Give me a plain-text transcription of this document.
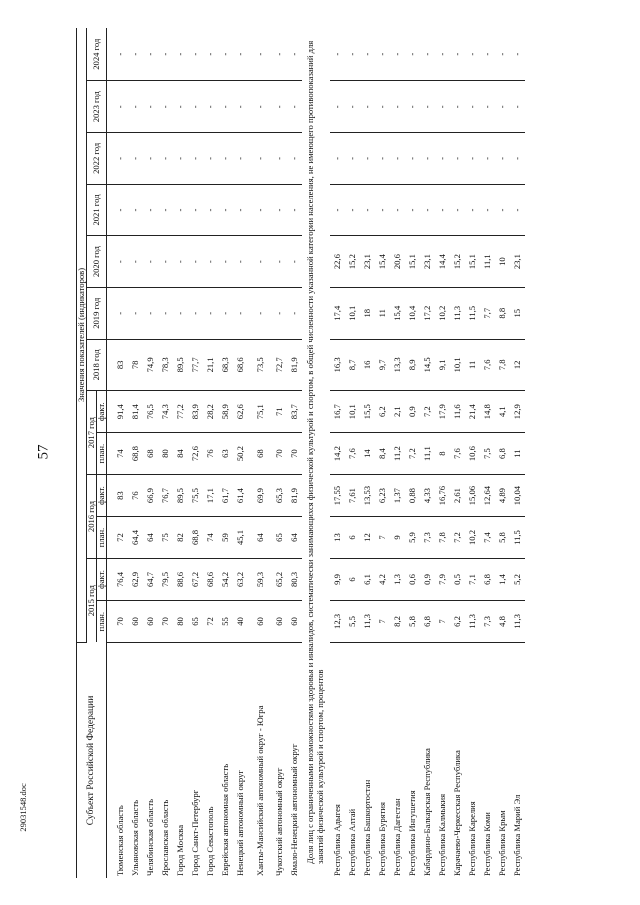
57
29031548.doc	Субъект Российской Федерации	Значения показателей (индикаторов)												
	2015 год		2016 год		2017 год		2018 год	2019 год	2020 год	2021 год	2022 год	2023 год	2024 год
	план.	факт.	план.	факт.	план.	факт.							
Тюменская область	70	76,4	72	83	74	91,4	83	-	-	-	-	-	-
Ульяновская область	60	62,9	64,4	76	68,8	81,4	78	-	-	-	-	-	-
Челябинская область	60	64,7	64	66,9	68	76,5	74,9	-	-	-	-	-	-
Ярославская область	70	79,5	75	76,7	80	74,3	78,3	-	-	-	-	-	-
Город Москва	80	88,6	82	89,5	84	77,2	89,5	-	-	-	-	-	-
Город Санкт-Петербург	65	67,2	68,8	75,5	72,6	83,9	77,7	-	-	-	-	-	-
Город Севастополь	72	68,6	74	17,1	76	28,2	21,1	-	-	-	-	-	-
Еврейская автономная область	55	54,2	59	61,7	63	58,9	68,3	-	-	-	-	-	-
Ненецкий автономный округ	40	63,2	45,1	61,4	50,2	62,6	68,6	-	-	-	-	-	-
Ханты-Мансийский автономный округ - Югра	60	59,3	64	69,9	68	75,1	73,5	-	-	-	-	-	-
Чукотский автономный округ	60	65,2	65	65,3	70	71	72,7	-	-	-	-	-	-
Ямало-Ненецкий автономный округ	60	80,3	64	81,9	70	83,7	81,9	-	-	-	-	-	-
Доля лиц с ограниченными возможностями здоровья и инвалидов, систематически занимающихся физической культурой и спортом, в общей численности указанной категории населения, не имеющего противопоказаний для занятий физической культурой и спортом, процентов													
Республика Адыгея	12,3	9,9	13	17,55	14,2	16,7	16,3	17,4	22,6	-	-	-	-
Республика Алтай	5,5	6	6	7,61	7,6	10,1	8,7	10,1	15,2	-	-	-	-
Республика Башкортостан	11,3	6,1	12	13,53	14	15,5	16	18	23,1	-	-	-	-
Республика Бурятия	7	4,2	7	6,23	8,4	6,2	9,7	11	15,4	-	-	-	-
Республика Дагестан	8,2	1,3	9	1,37	11,2	2,1	13,3	15,4	20,6	-	-	-	-
Республика Ингушетия	5,8	0,6	5,9	0,88	7,2	0,9	8,9	10,4	15,1	-	-	-	-
Кабардино-Балкарская Республика	6,8	0,9	7,3	4,33	11,1	7,2	14,5	17,2	23,1	-	-	-	-
Республика Калмыкия	7	7,9	7,8	16,76	8	17,9	9,1	10,2	14,4	-	-	-	-
Карачаево-Черкесская Республика	6,2	0,5	7,2	2,61	7,6	11,6	10,1	11,3	15,2	-	-	-	-
Республика Карелия	11,3	7,1	10,2	15,06	10,6	21,4	11	11,5	15,1	-	-	-	-
Республика Коми	7,3	6,8	7,4	12,64	7,5	14,8	7,6	7,7	11,1	-	-	-	-
Республика Крым	4,8	1,4	5,8	4,89	6,8	4,1	7,8	8,8	10	-	-	-	-
Республика Марий Эл	11,3	5,2	11,5	10,04	11	12,9	12	15	23,1	-	-	-	-
